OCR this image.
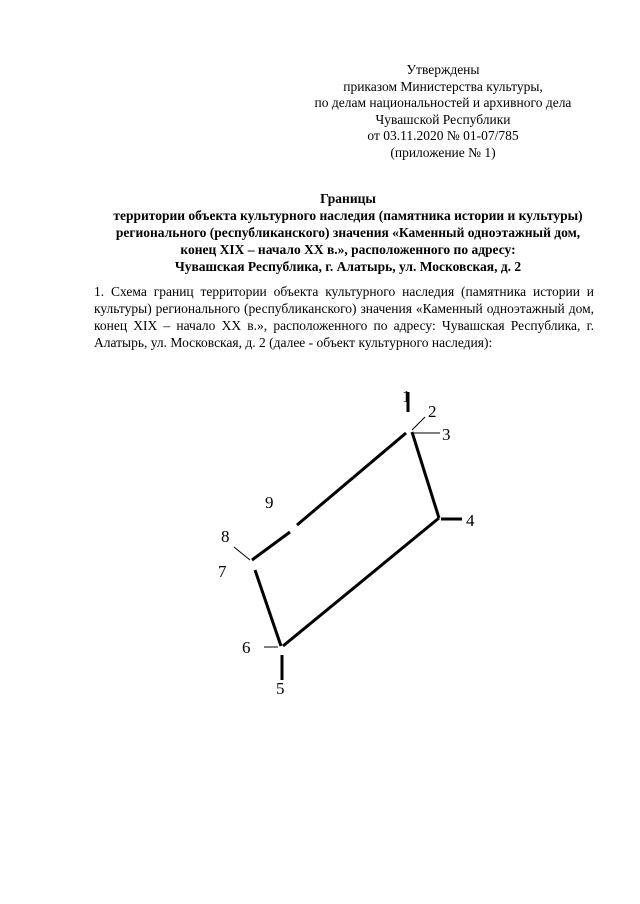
Утверждены
приказом Министерства культуры,
по делам национальностей и архивного дела
Чувашской Республики
от 03.11.2020 № 01-07/785
(приложение № 1)
Границы
территории объекта культурного наследия (памятника истории и культуры)
регионального (республиканского) значения «Каменный одноэтажный дом,
конец XIX – начало XX в.», расположенного по адресу:
Чувашская Республика, г. Алатырь, ул. Московская, д. 2
1. Схема границ территории объекта культурного наследия (памятника истории и культуры) регионального (республиканского) значения «Каменный одноэтажный дом, конец XIX – начало XX в.», расположенного по адресу: Чувашская Республика, г. Алатырь, ул. Московская, д. 2 (далее - объект культурного наследия):
1
2
3
4
5
6
7
8
9
